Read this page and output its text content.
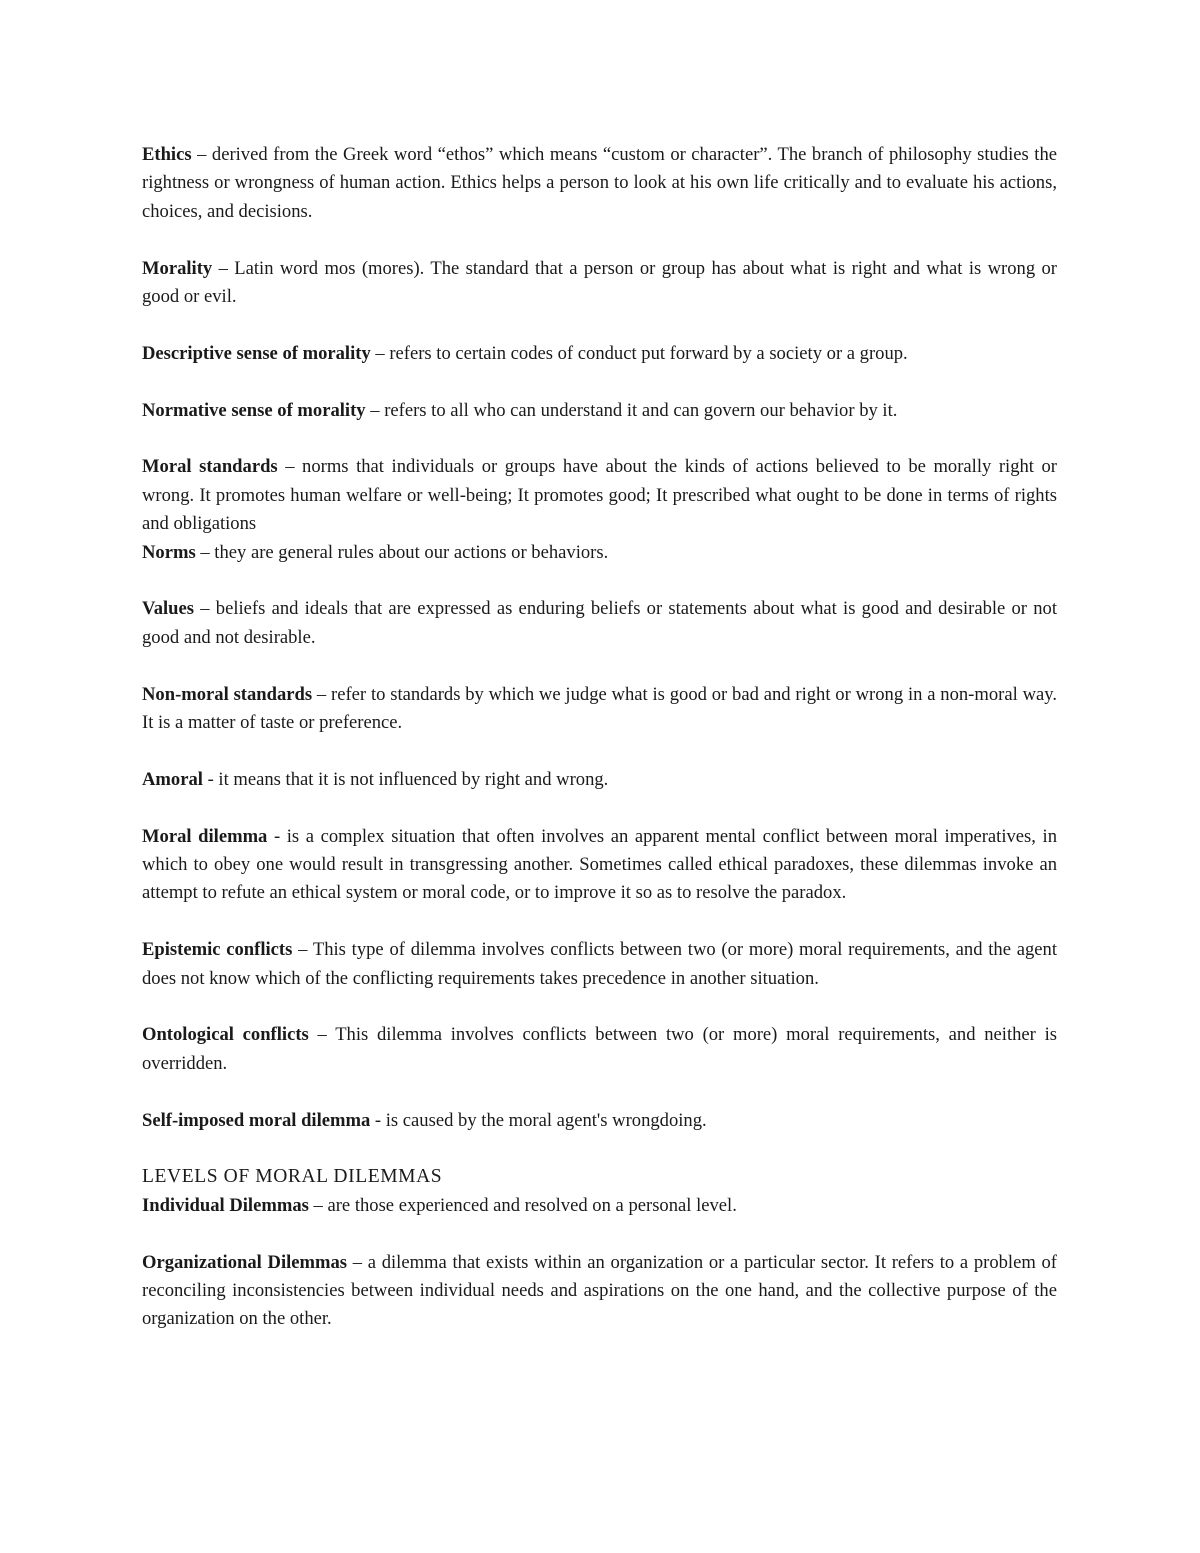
Ethics – derived from the Greek word “ethos” which means “custom or character”. The branch of philosophy studies the rightness or wrongness of human action. Ethics helps a person to look at his own life critically and to evaluate his actions, choices, and decisions.

Morality – Latin word mos (mores). The standard that a person or group has about what is right and what is wrong or good or evil.

Descriptive sense of morality – refers to certain codes of conduct put forward by a society or a group.

Normative sense of morality – refers to all who can understand it and can govern our behavior by it.

Moral standards – norms that individuals or groups have about the kinds of actions believed to be morally right or wrong. It promotes human welfare or well-being; It promotes good; It prescribed what ought to be done in terms of rights and obligations

Norms – they are general rules about our actions or behaviors.

Values – beliefs and ideals that are expressed as enduring beliefs or statements about what is good and desirable or not good and not desirable.

Non-moral standards – refer to standards by which we judge what is good or bad and right or wrong in a non-moral way. It is a matter of taste or preference.

Amoral - it means that it is not influenced by right and wrong.

Moral dilemma - is a complex situation that often involves an apparent mental conflict between moral imperatives, in which to obey one would result in transgressing another. Sometimes called ethical paradoxes, these dilemmas invoke an attempt to refute an ethical system or moral code, or to improve it so as to resolve the paradox.

Epistemic conflicts – This type of dilemma involves conflicts between two (or more) moral requirements, and the agent does not know which of the conflicting requirements takes precedence in another situation.

Ontological conflicts – This dilemma involves conflicts between two (or more) moral requirements, and neither is overridden.

Self-imposed moral dilemma - is caused by the moral agent's wrongdoing.

LEVELS OF MORAL DILEMMAS

Individual Dilemmas – are those experienced and resolved on a personal level.

Organizational Dilemmas – a dilemma that exists within an organization or a particular sector. It refers to a problem of reconciling inconsistencies between individual needs and aspirations on the one hand, and the collective purpose of the organization on the other.
